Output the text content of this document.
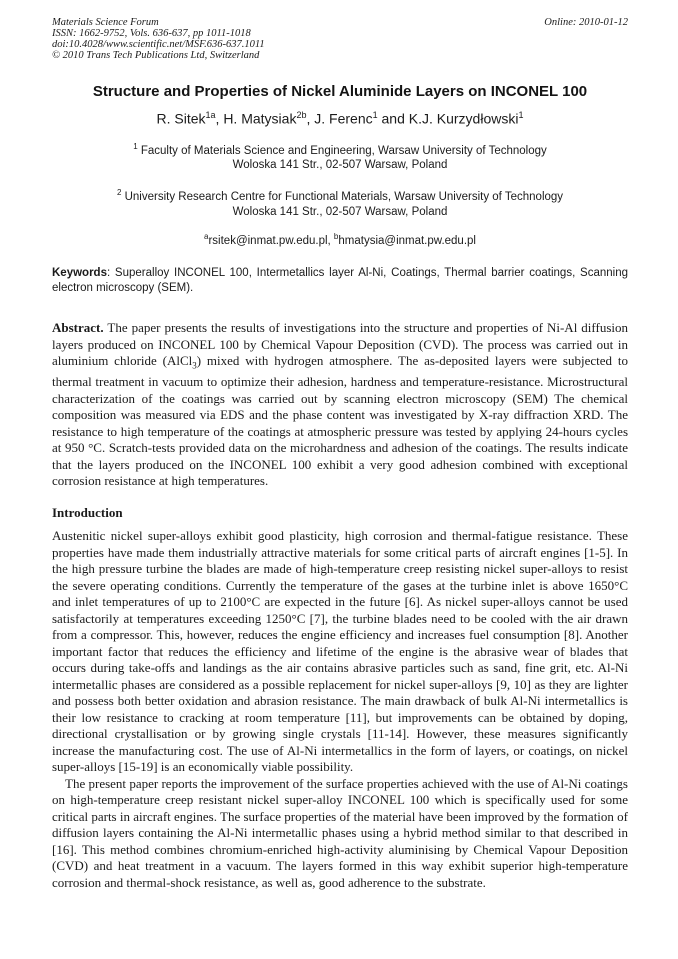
Materials Science Forum
ISSN: 1662-9752, Vols. 636-637, pp 1011-1018
doi:10.4028/www.scientific.net/MSF.636-637.1011
© 2010 Trans Tech Publications Ltd, Switzerland
Online: 2010-01-12
Structure and Properties of Nickel Aluminide Layers on INCONEL 100
R. Sitek$^{1a}$, H. Matysiak$^{2b}$, J. Ferenc$^1$ and K.J. Kurzydłowski$^1$
$^1$ Faculty of Materials Science and Engineering, Warsaw University of Technology
Woloska 141 Str., 02-507 Warsaw, Poland
$^2$ University Research Centre for Functional Materials, Warsaw University of Technology
Woloska 141 Str., 02-507 Warsaw, Poland
$^a$rsitek@inmat.pw.edu.pl, $^b$hmatysia@inmat.pw.edu.pl

Keywords: Superalloy INCONEL 100, Intermetallics layer Al-Ni, Coatings, Thermal barrier coatings, Scanning electron microscopy (SEM).

Abstract. The paper presents the results of investigations into the structure and properties of Ni-Al diffusion layers produced on INCONEL 100 by Chemical Vapour Deposition (CVD). The process was carried out in aluminium chloride (AlCl$_3$) mixed with hydrogen atmosphere. The as-deposited layers were subjected to thermal treatment in vacuum to optimize their adhesion, hardness and temperature-resistance. Microstructural characterization of the coatings was carried out by scanning electron microscopy (SEM) The chemical composition was measured via EDS and the phase content was investigated by X-ray diffraction XRD. The resistance to high temperature of the coatings at atmospheric pressure was tested by applying 24-hours cycles at 950 °C. Scratch-tests provided data on the microhardness and adhesion of the coatings. The results indicate that the layers produced on the INCONEL 100 exhibit a very good adhesion combined with exceptional corrosion resistance at high temperatures.

Introduction

Austenitic nickel super-alloys exhibit good plasticity, high corrosion and thermal-fatigue resistance. These properties have made them industrially attractive materials for some critical parts of aircraft engines [1-5]. In the high pressure turbine the blades are made of high-temperature creep resisting nickel super-alloys to resist the severe operating conditions. Currently the temperature of the gases at the turbine inlet is above 1650°C and inlet temperatures of up to 2100°C are expected in the future [6]. As nickel super-alloys cannot be used satisfactorily at temperatures exceeding 1250°C [7], the turbine blades need to be cooled with the air drawn from a compressor. This, however, reduces the engine efficiency and increases fuel consumption [8]. Another important factor that reduces the efficiency and lifetime of the engine is the abrasive wear of blades that occurs during take-offs and landings as the air contains abrasive particles such as sand, fine grit, etc. Al-Ni intermetallic phases are considered as a possible replacement for nickel super-alloys [9, 10] as they are lighter and possess both better oxidation and abrasion resistance. The main drawback of bulk Al-Ni intermetallics is their low resistance to cracking at room temperature [11], but improvements can be obtained by doping, directional crystallisation or by growing single crystals [11-14]. However, these measures significantly increase the manufacturing cost. The use of Al-Ni intermetallics in the form of layers, or coatings, on nickel super-alloys [15-19] is an economically viable possibility.

The present paper reports the improvement of the surface properties achieved with the use of Al-Ni coatings on high-temperature creep resistant nickel super-alloy INCONEL 100 which is specifically used for some critical parts in aircraft engines. The surface properties of the material have been improved by the formation of diffusion layers containing the Al-Ni intermetallic phases using a hybrid method similar to that described in [16]. This method combines chromium-enriched high-activity aluminising by Chemical Vapour Deposition (CVD) and heat treatment in a vacuum. The layers formed in this way exhibit superior high-temperature corrosion and thermal-shock resistance, as well as, good adherence to the substrate.
